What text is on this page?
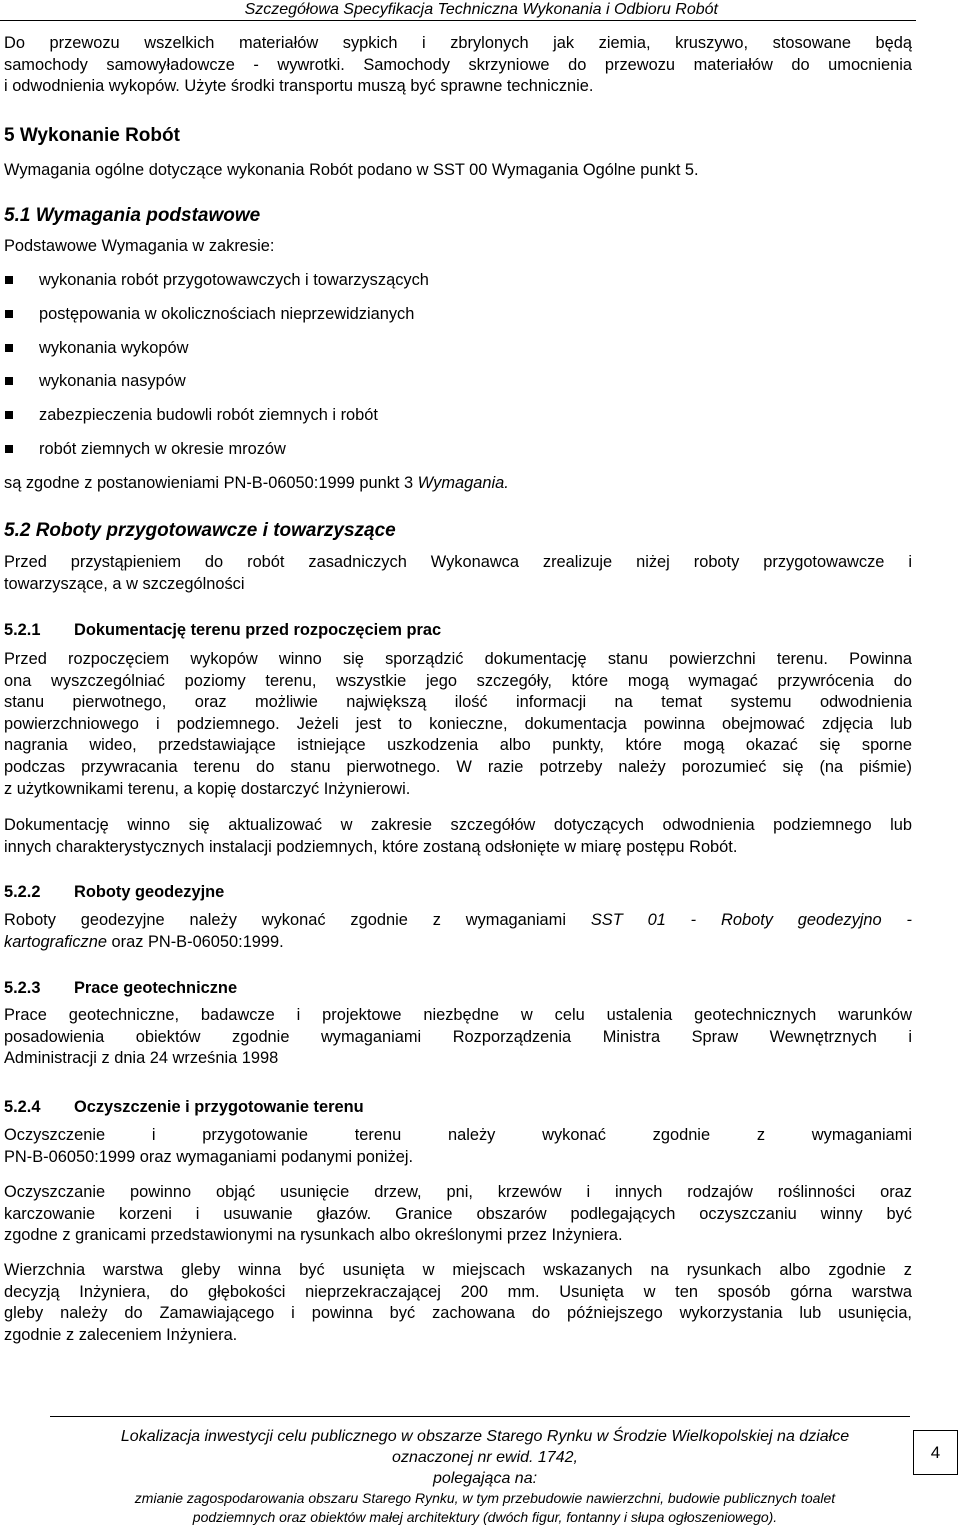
Szczegółowa Specyfikacja Techniczna Wykonania i Odbioru Robót

Do przewozu wszelkich materiałów sypkich i zbrylonych jak ziemia, kruszywo, stosowane będą

samochody samowyładowcze - wywrotki. Samochody skrzyniowe do przewozu materiałów do umocnienia

i odwodnienia wykopów. Użyte środki transportu muszą być sprawne technicznie.

5 Wykonanie Robót

Wymagania ogólne dotyczące wykonania Robót podano w SST 00 Wymagania Ogólne punkt 5.

5.1 Wymagania podstawowe

Podstawowe Wymagania w zakresie:

wykonania robót przygotowawczych i towarzyszących
postępowania w okolicznościach nieprzewidzianych
wykonania wykopów
wykonania nasypów
zabezpieczenia budowli robót ziemnych i robót
robót ziemnych w okresie mrozów

są zgodne z postanowieniami PN-B-06050:1999 punkt 3 Wymagania.

5.2 Roboty przygotowawcze i towarzyszące

Przed przystąpieniem do robót zasadniczych Wykonawca zrealizuje niżej roboty przygotowawcze i

towarzyszące, a w szczególności

5.2.1 Dokumentację terenu przed rozpoczęciem prac

Przed rozpoczęciem wykopów winno się sporządzić dokumentację stanu powierzchni terenu. Powinna

ona wyszczególniać poziomy terenu, wszystkie jego szczegóły, które mogą wymagać przywrócenia do

stanu pierwotnego, oraz możliwie największą ilość informacji na temat systemu odwodnienia

powierzchniowego i podziemnego. Jeżeli jest to konieczne, dokumentacja powinna obejmować zdjęcia lub

nagrania wideo, przedstawiające istniejące uszkodzenia albo punkty, które mogą okazać się sporne

podczas przywracania terenu do stanu pierwotnego. W razie potrzeby należy porozumieć się (na piśmie)

z użytkownikami terenu, a kopię dostarczyć Inżynierowi.

Dokumentację winno się aktualizować w zakresie szczegółów dotyczących odwodnienia podziemnego lub

innych charakterystycznych instalacji podziemnych, które zostaną odsłonięte w miarę postępu Robót.

5.2.2 Roboty geodezyjne

Roboty geodezyjne należy wykonać zgodnie z wymaganiami SST 01 - Roboty geodezyjno -

kartograficzne oraz PN-B-06050:1999.

5.2.3 Prace geotechniczne

Prace geotechniczne, badawcze i projektowe niezbędne w celu ustalenia geotechnicznych warunków

posadowienia obiektów zgodnie wymaganiami Rozporządzenia Ministra Spraw Wewnętrznych i

Administracji z dnia 24 września 1998

5.2.4 Oczyszczenie i przygotowanie terenu

Oczyszczenie i przygotowanie terenu należy wykonać zgodnie z wymaganiami

PN-B-06050:1999 oraz wymaganiami podanymi poniżej.

Oczyszczanie powinno objąć usunięcie drzew, pni, krzewów i innych rodzajów roślinności oraz

karczowanie korzeni i usuwanie głazów. Granice obszarów podlegających oczyszczaniu winny być

zgodne z granicami przedstawionymi na rysunkach albo określonymi przez Inżyniera.

Wierzchnia warstwa gleby winna być usunięta w miejscach wskazanych na rysunkach albo zgodnie z

decyzją Inżyniera, do głębokości nieprzekraczającej 200 mm. Usunięta w ten sposób górna warstwa

gleby należy do Zamawiającego i powinna być zachowana do późniejszego wykorzystania lub usunięcia,

zgodnie z zaleceniem Inżyniera.

Lokalizacja inwestycji celu publicznego w obszarze Starego Rynku w Środzie Wielkopolskiej na działce
oznaczonej nr ewid. 1742,
polegająca na:
zmianie zagospodarowania obszaru Starego Rynku, w tym przebudowie nawierzchni, budowie publicznych toalet
podziemnych oraz obiektów małej architektury (dwóch figur, fontanny i słupa ogłoszeniowego).
4
